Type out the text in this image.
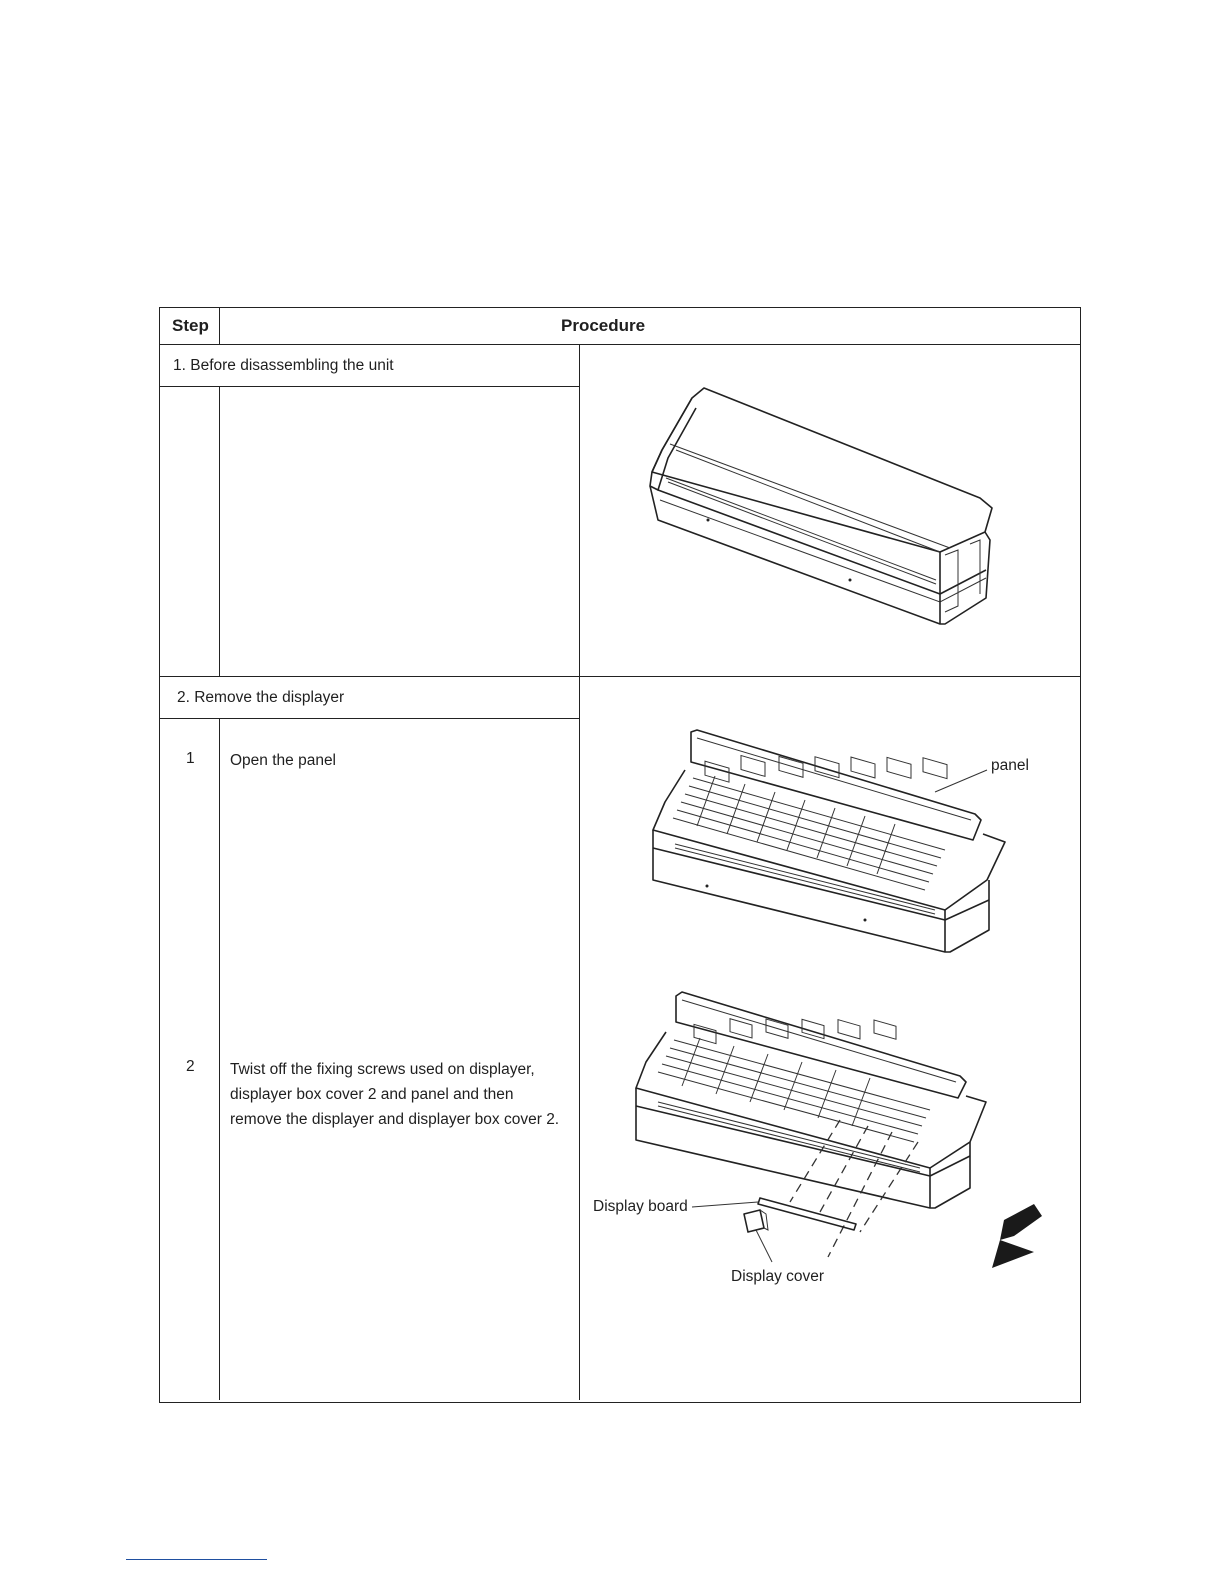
Step	Procedure
1. Before disassembling the unit
2. Remove the displayer
1 Open the panel
2 Twist off the fixing screws used on displayer,
displayer box cover 2 and panel and then
remove the displayer and displayer box cover 2.
panel
Display board
Display cover
